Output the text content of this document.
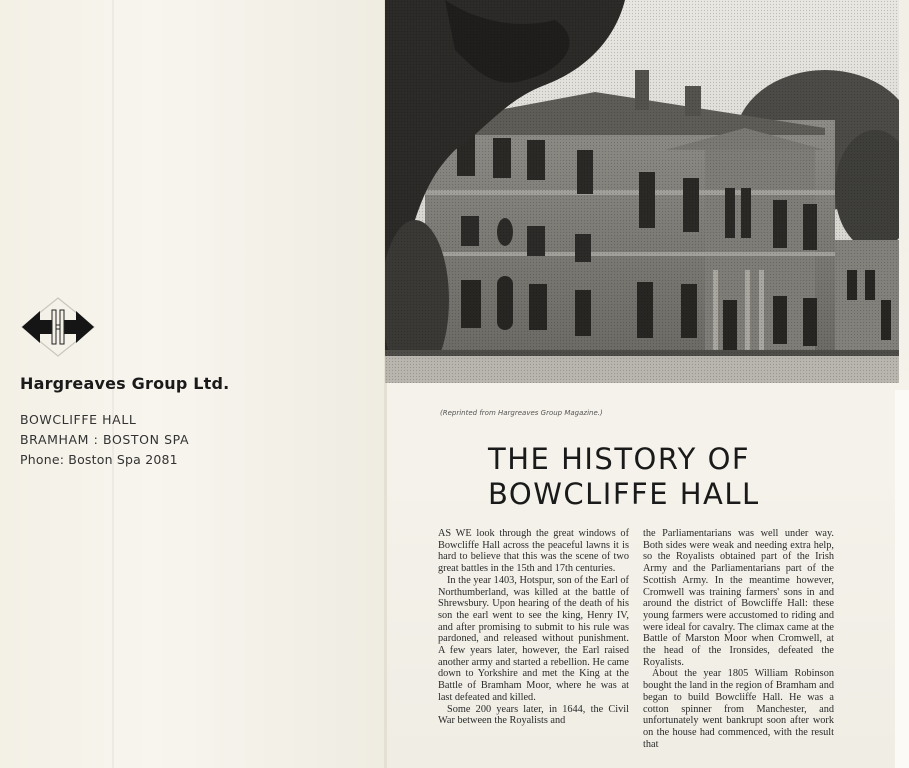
Hargreaves Group Ltd.
BOWCLIFFE HALL
BRAMHAM : BOSTON SPA
Phone: Boston Spa 2081
(Reprinted from Hargreaves Group Magazine.)
THE HISTORY OF
BOWCLIFFE HALL

AS WE look through the great windows of Bowcliffe Hall across the peaceful lawns it is hard to believe that this was the scene of two great battles in the 15th and 17th centuries.

In the year 1403, Hotspur, son of the Earl of Northumberland, was killed at the battle of Shrewsbury. Upon hearing of the death of his son the earl went to see the king, Henry IV, and after promising to submit to his rule was pardoned, and released without punishment. A few years later, however, the Earl raised another army and started a rebellion. He came down to Yorkshire and met the King at the Battle of Bramham Moor, where he was at last defeated and killed.

Some 200 years later, in 1644, the Civil War between the Royalists and

the Parliamentarians was well under way. Both sides were weak and needing extra help, so the Royalists obtained part of the Irish Army and the Parliamentarians part of the Scottish Army. In the meantime however, Cromwell was training farmers' sons in and around the district of Bowcliffe Hall: these young farmers were accustomed to riding and were ideal for cavalry. The climax came at the Battle of Marston Moor when Cromwell, at the head of the Ironsides, defeated the Royalists.

About the year 1805 William Robinson bought the land in the region of Bramham and began to build Bowcliffe Hall. He was a cotton spinner from Manchester, and unfortunately went bankrupt soon after work on the house had commenced, with the result that
